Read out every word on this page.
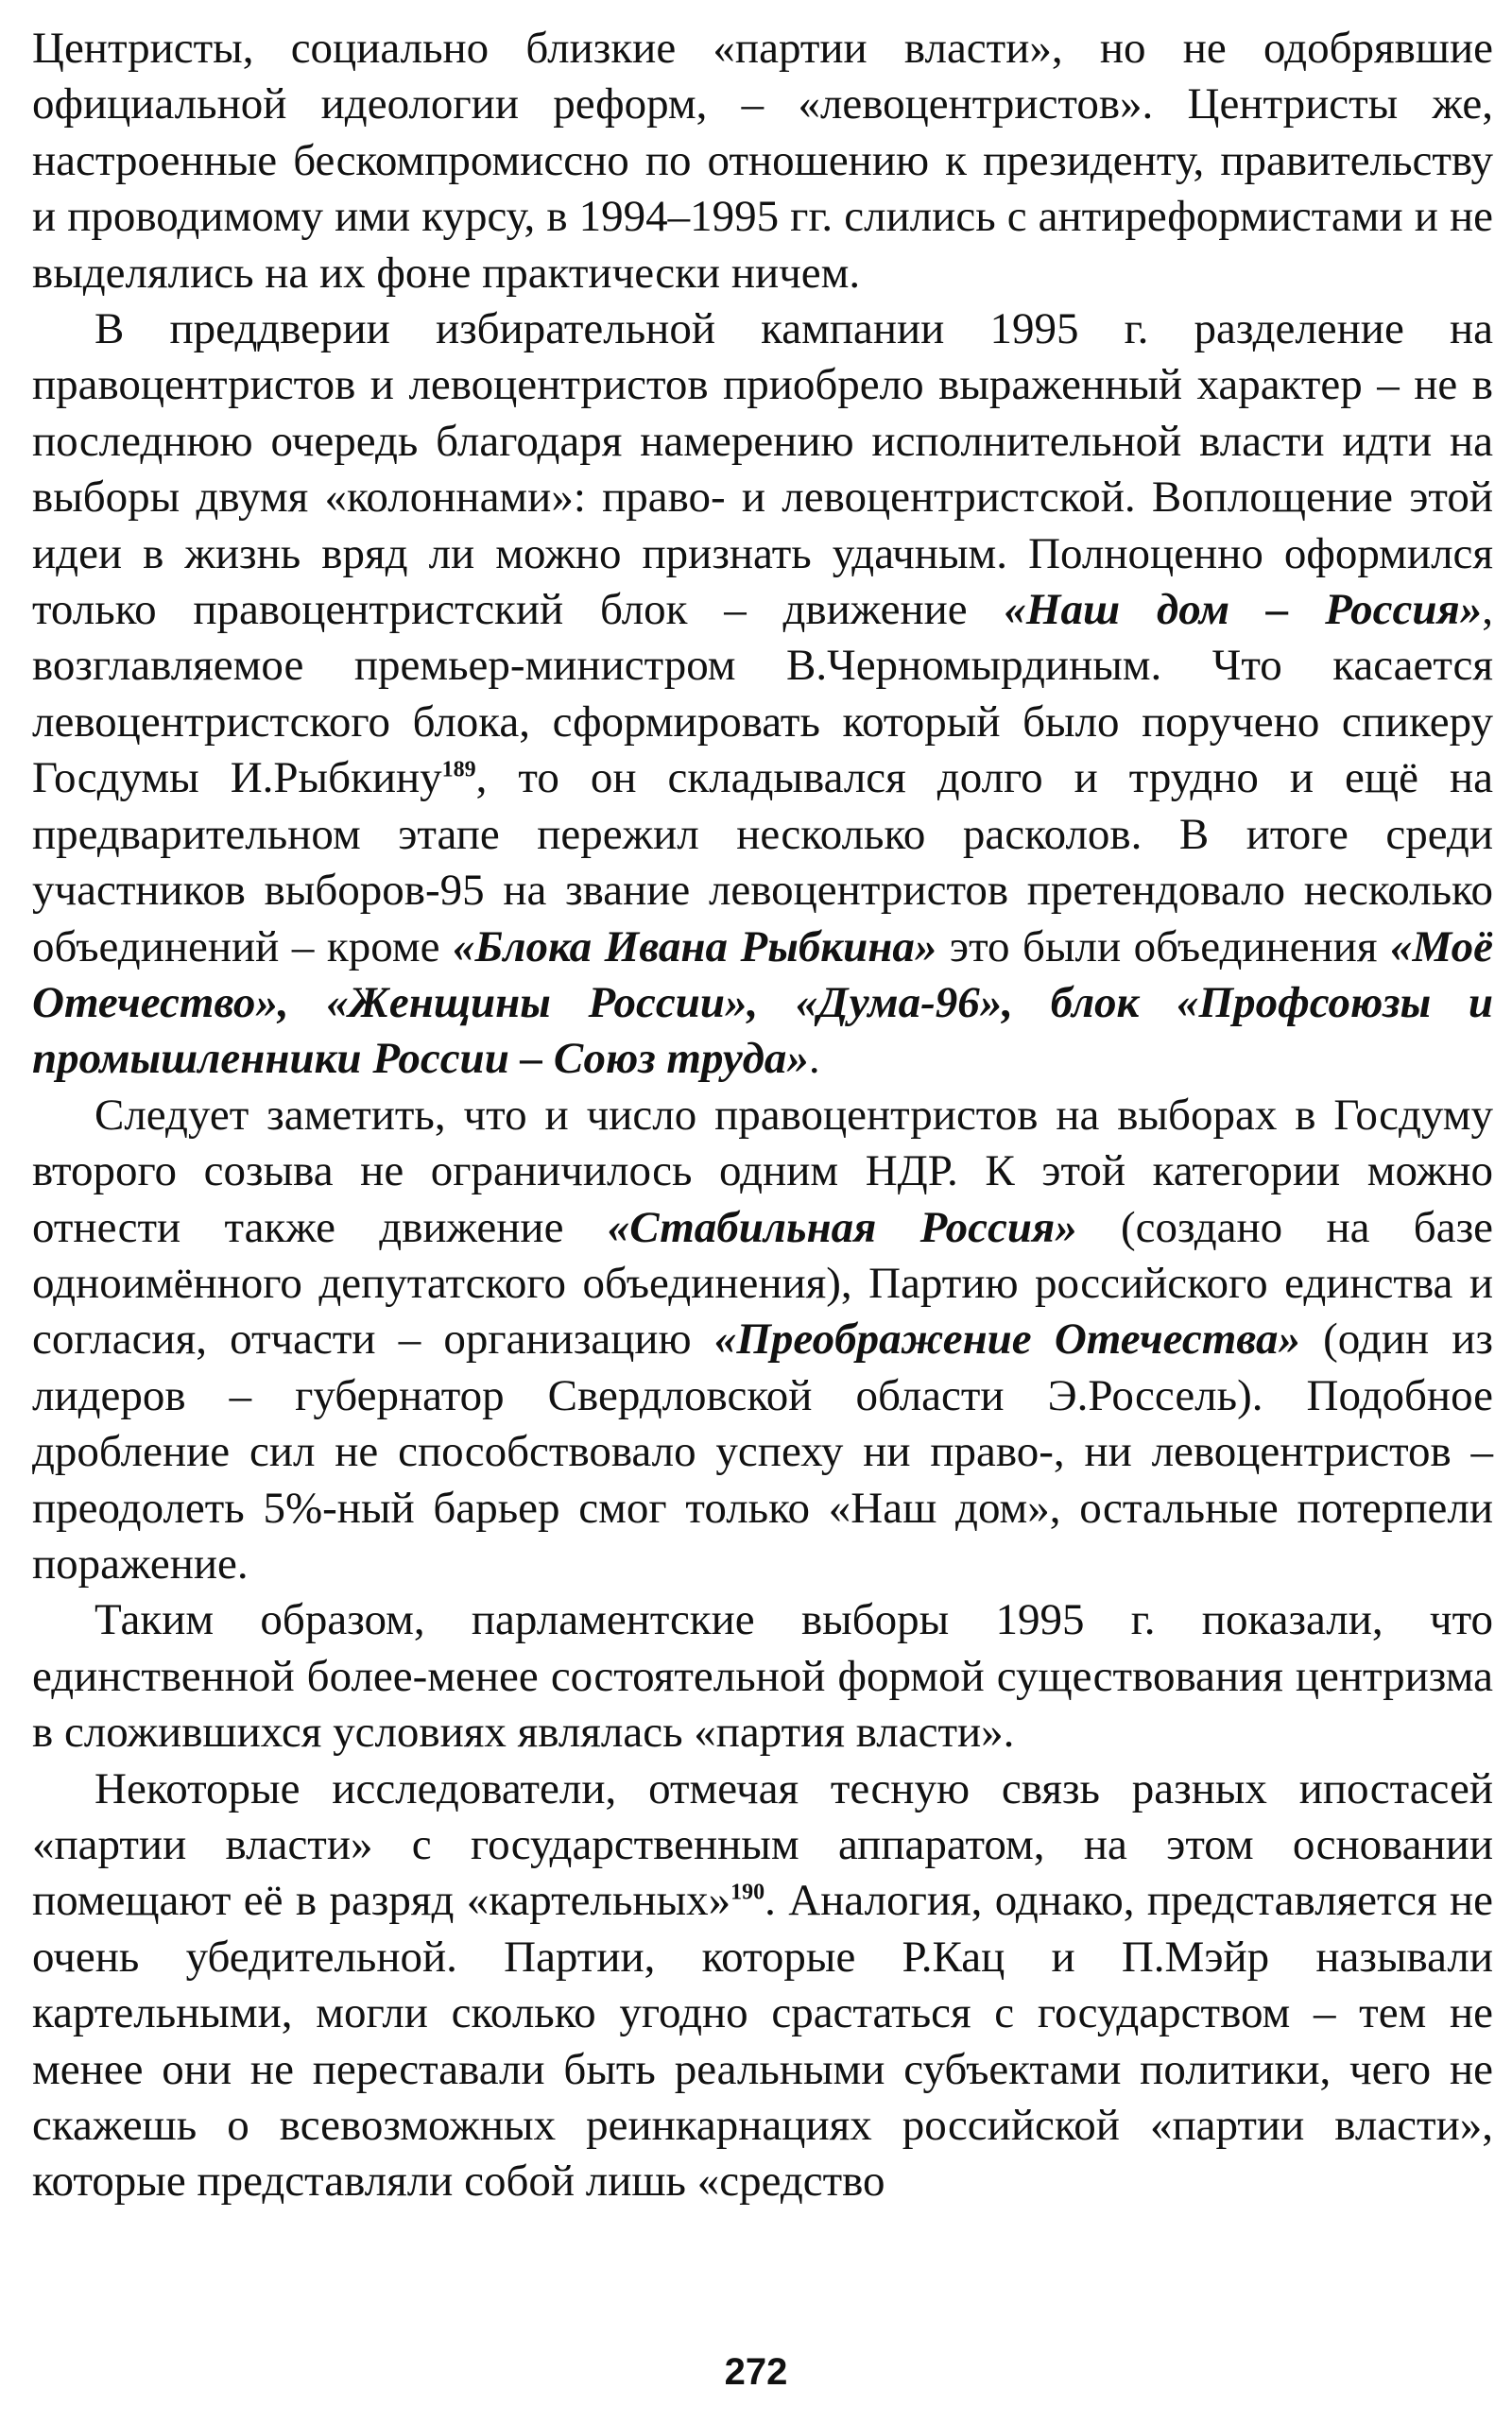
Центристы, социально близкие «партии власти», но не одобрявшие официальной идеологии реформ, – «левоцентристов». Центристы же, настроенные бескомпромиссно по отношению к президенту, правительству и проводимому ими курсу, в 1994–1995 гг. слились с антиреформистами и не выделялись на их фоне практически ничем.

В преддверии избирательной кампании 1995 г. разделение на правоцентристов и левоцентристов приобрело выраженный характер – не в последнюю очередь благодаря намерению исполнительной власти идти на выборы двумя «колоннами»: право- и левоцентристской. Воплощение этой идеи в жизнь вряд ли можно признать удачным. Полноценно оформился только правоцентристский блок – движение «Наш дом – Россия», возглавляемое премьер-министром В.Черномырдиным. Что касается левоцентристского блока, сформировать который было поручено спикеру Госдумы И.Рыбкину$^{189}$, то он складывался долго и трудно и ещё на предварительном этапе пережил несколько расколов. В итоге среди участников выборов-95 на звание левоцентристов претендовало несколько объединений – кроме «Блока Ивана Рыбкина» это были объединения «Моё Отечество», «Женщины России», «Дума-96», блок «Профсоюзы и промышленники России – Союз труда».

Следует заметить, что и число правоцентристов на выборах в Госдуму второго созыва не ограничилось одним НДР. К этой категории можно отнести также движение «Стабильная Россия» (создано на базе одноимённого депутатского объединения), Партию российского единства и согласия, отчасти – организацию «Преображение Отечества» (один из лидеров – губернатор Свердловской области Э.Россель). Подобное дробление сил не способствовало успеху ни право-, ни левоцентристов – преодолеть 5%-ный барьер смог только «Наш дом», остальные потерпели поражение.

Таким образом, парламентские выборы 1995 г. показали, что единственной более-менее состоятельной формой существования центризма в сложившихся условиях являлась «партия власти».

Некоторые исследователи, отмечая тесную связь разных ипостасей «партии власти» с государственным аппаратом, на этом основании помещают её в разряд «картельных»$^{190}$. Аналогия, однако, представляется не очень убедительной. Партии, которые Р.Кац и П.Мэйр называли картельными, могли сколько угодно срастаться с государством – тем не менее они не переставали быть реальными субъектами политики, чего не скажешь о всевозможных реинкарнациях российской «партии власти», которые представляли собой лишь «средство

272
